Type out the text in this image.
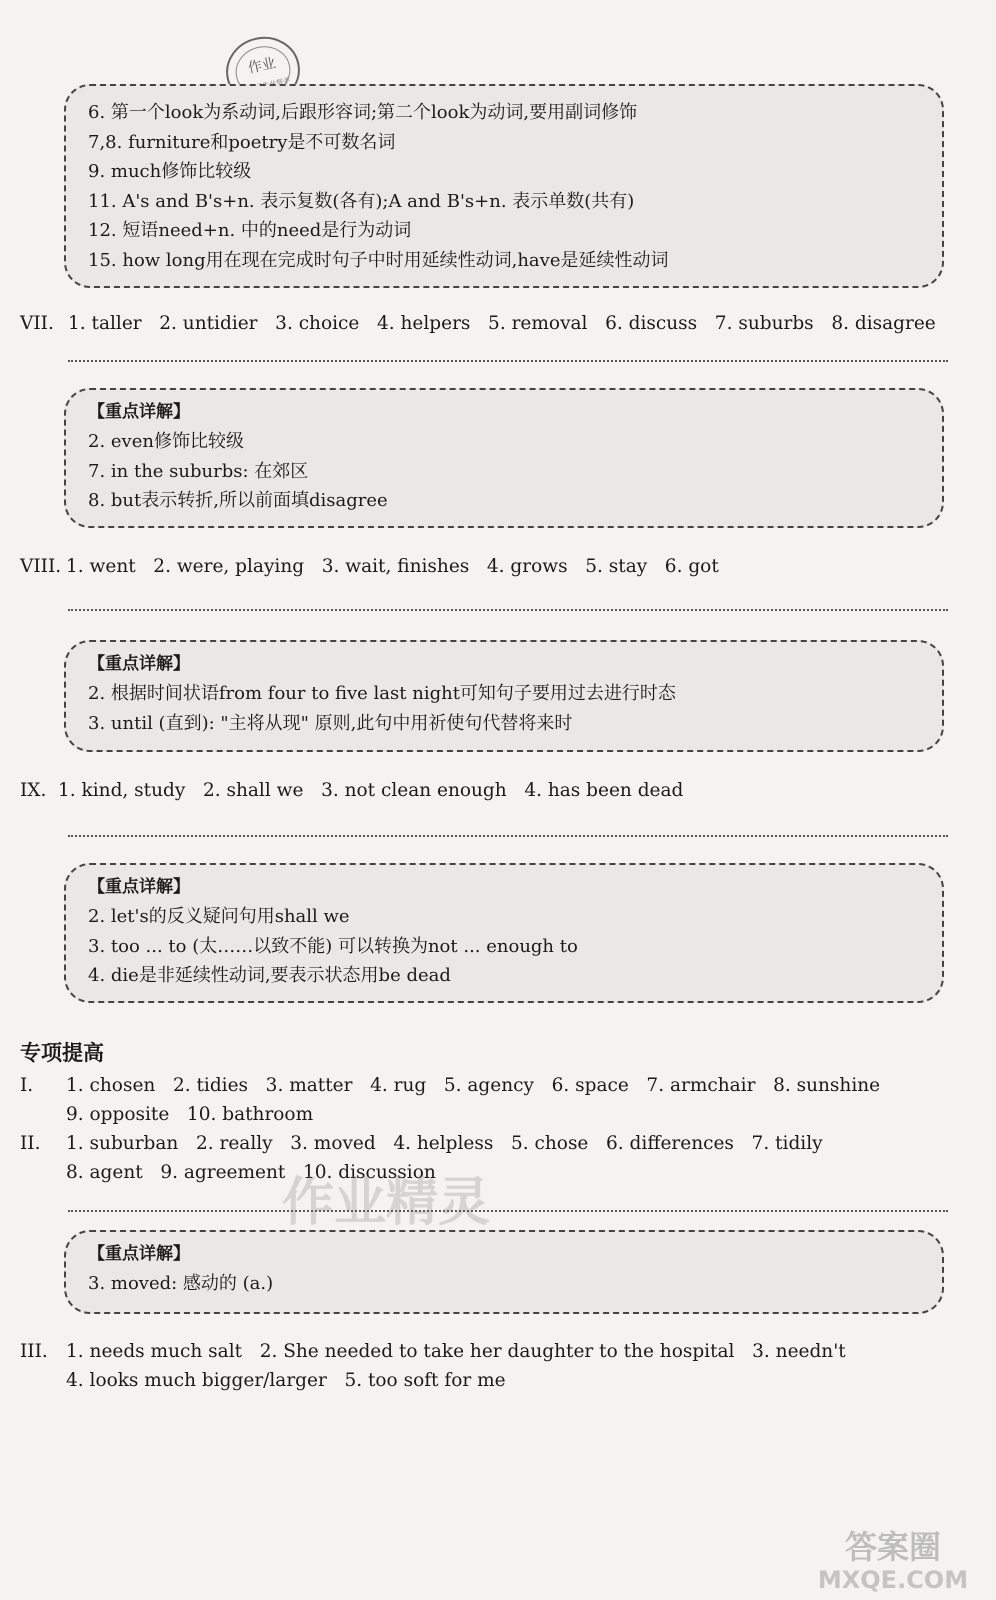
作业
6. 第一个look为系动词,后跟形容词;第二个look为动词,要用副词修饰
7,8. furniture和poetry是不可数名词
9. much修饰比较级
11. A's and B's+n. 表示复数(各有);A and B's+n. 表示单数(共有)
12. 短语need+n. 中的need是行为动词
15. how long用在现在完成时句子中时用延续性动词,have是延续性动词
VII. 1. taller   2. untidier   3. choice   4. helpers   5. removal   6. discuss   7. suburbs   8. disagree
【重点详解】
2. even修饰比较级
7. in the suburbs: 在郊区
8. but表示转折,所以前面填disagree
VIII. 1. went   2. were, playing   3. wait, finishes   4. grows   5. stay   6. got
【重点详解】
2. 根据时间状语from four to five last night可知句子要用过去进行时态
3. until (直到): "主将从现" 原则,此句中用祈使句代替将来时
IX. 1. kind, study   2. shall we   3. not clean enough   4. has been dead
【重点详解】
2. let's的反义疑问句用shall we
3. too ... to (太……以致不能) 可以转换为not ... enough to
4. die是非延续性动词,要表示状态用be dead
专项提高
I. 1. chosen   2. tidies   3. matter   4. rug   5. agency   6. space   7. armchair   8. sunshine
9. opposite   10. bathroom
II. 1. suburban   2. really   3. moved   4. helpless   5. chose   6. differences   7. tidily
8. agent   9. agreement   10. discussion
【重点详解】
3. moved: 感动的 (a.)
III. 1. needs much salt   2. She needed to take her daughter to the hospital   3. needn't
4. looks much bigger/larger   5. too soft for me
作业精灵
答案圈
MXQE.COM
